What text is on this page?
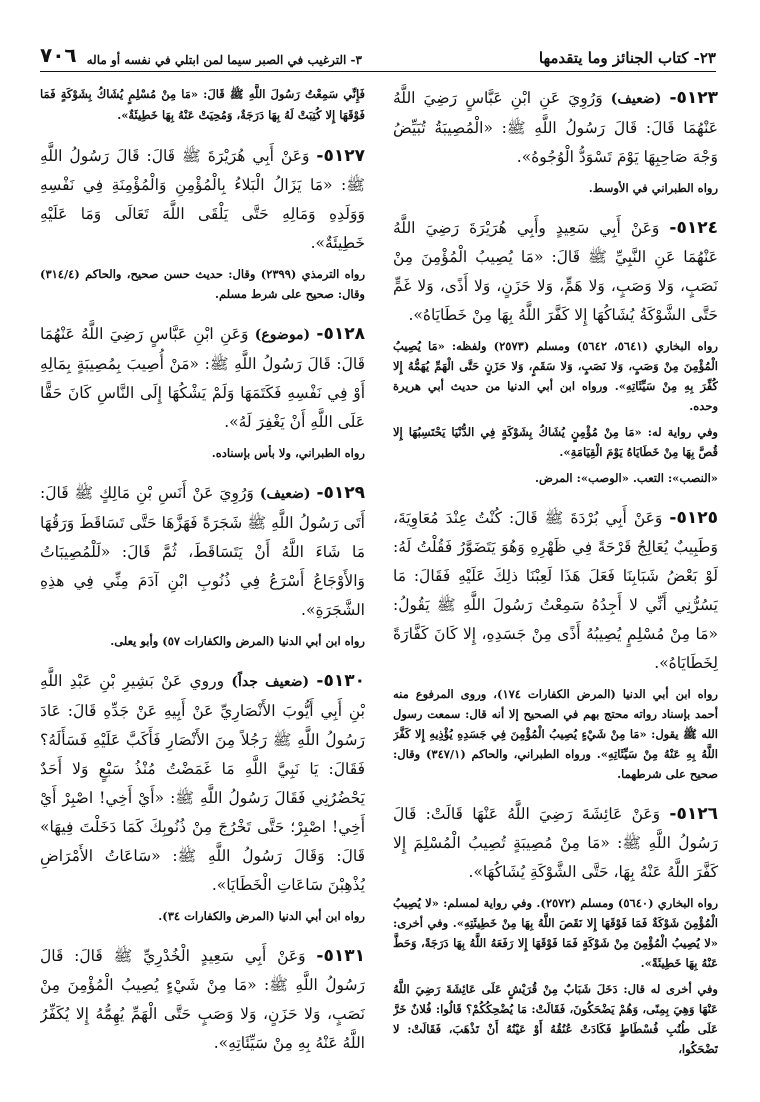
٢٣- كتاب الجنائز وما يتقدمها
٣- الترغيب في الصبر سيما لمن ابتلي في نفسه أو ماله
٧٠٦

٥١٢٣- (ضعيف) وَرُوِيَ عَنِ ابْنِ عَبَّاسٍ رَضِيَ اللَّهُ عَنْهُمَا قَالَ: قَالَ رَسُولُ اللَّهِ ﷺ: «الْمُصِيبَةُ تُبَيِّضُ وَجْهَ صَاحِبِهَا يَوْمَ تَسْوَدُّ الْوُجُوهُ».

رواه الطبراني في الأوسط.

٥١٢٤- وَعَنْ أَبِي سَعِيدٍ وأَبِي هُرَيْرَةَ رَضِيَ اللَّهُ عَنْهُمَا عَنِ النَّبِيِّ ﷺ قَالَ: «مَا يُصِيبُ الْمُؤْمِنَ مِنْ نَصَبٍ، وَلا وَصَبٍ، وَلا هَمٍّ، وَلا حَزَنٍ، وَلا أَذًى، وَلا غَمٍّ حَتَّى الشَّوْكَةُ يُشَاكُهَا إِلا كَفَّرَ اللَّهُ بِهَا مِنْ خَطَايَاهُ».

رواه البخاري (٥٦٤١، ٥٦٤٢) ومسلم (٢٥٧٣) ولفظه: «مَا يُصِيبُ الْمُؤْمِنَ مِنْ وَصَبٍ، وَلا نَصَبٍ، وَلا سَقَمٍ، وَلا حَزَنٍ حَتَّى الْهَمِّ يُهَمُّهُ إِلا كُفِّرَ بِهِ مِنْ سَيِّئَاتِهِ». ورواه ابن أبي الدنيا من حديث أبي هريرة وحده.

وفي رواية له: «مَا مِنْ مُؤْمِنٍ يُشَاكُ بِشَوْكَةٍ فِي الدُّنْيَا يَحْتَسِبُهَا إِلا قُصَّ بِهَا مِنْ خَطَايَاهُ يَوْمَ الْقِيَامَةِ».

«النصب»: التعب. «الوصب»: المرض.

٥١٢٥- وَعَنْ أَبِي بُرْدَةَ ﷺ قَالَ: كُنْتُ عِنْدَ مُعَاوِيَةَ، وَطَبِيبٌ يُعَالِجُ قَرْحَةً فِي ظَهْرِهِ وَهُوَ يَتَضَوَّرُ فَقُلْتُ لَهُ: لَوْ بَعْضُ شَبَابِنَا فَعَلَ هَذَا لَعِبْنَا ذلِكَ عَلَيْهِ فَقَالَ: مَا يَسُرُّنِي أَنِّي لا أَجِدُهُ سَمِعْتُ رَسُولَ اللَّهِ ﷺ يَقُولُ: «مَا مِنْ مُسْلِمٍ يُصِيبُهُ أَذًى مِنْ جَسَدِهِ، إِلا كَانَ كَفَّارَةً لِخَطَايَاهُ».

رواه ابن أبي الدنيا (المرض الكفارات ١٧٤)، وروى المرفوع منه أحمد بإسناد رواته محتج بهم في الصحيح إلا أنه قال: سمعت رسول الله ﷺ يقول: «مَا مِنْ شَيْءٍ يُصِيبُ الْمُؤْمِنَ فِي جَسَدِهِ يُؤْذِيهِ إِلا كَفَّرَ اللَّهُ بِهِ عَنْهُ مِنْ سَيِّئَاتِهِ». ورواه الطبراني، والحاكم (٣٤٧/١) وقال: صحيح على شرطهما.

٥١٢٦- وَعَنْ عَائِشَةَ رَضِيَ اللَّهُ عَنْهَا قَالَتْ: قَالَ رَسُولُ اللَّهِ ﷺ: «مَا مِنْ مُصِيبَةٍ تُصِيبُ الْمُسْلِمَ إِلا كَفَّرَ اللَّهُ عَنْهُ بِهَا، حَتَّى الشَّوْكَةِ يُشَاكُهَا».

رواه البخاري (٥٦٤٠) ومسلم (٢٥٧٢). وفي رواية لمسلم: «لا يُصِيبُ الْمُؤْمِنَ شَوْكَةٌ فَمَا فَوْقَهَا إِلا نَقَصَ اللَّهُ بِهَا مِنْ خَطِيئَتِهِ». وفي أخرى: «لا يُصِيبُ الْمُؤْمِنَ مِنْ شَوْكَةٍ فَمَا فَوْقَهَا إِلا رَفَعَهُ اللَّهُ بِهَا دَرَجَةً، وَحَطَّ عَنْهُ بِهَا خَطِيئَةً».

وفي أخرى له قال: دَخَلَ شَبَابٌ مِنْ قُرَيْشٍ عَلَى عَائِشَةَ رَضِيَ اللَّهُ عَنْهَا وَهِيَ بِمِنًى، وَهُمْ يَضْحَكُونَ، فَقَالَتْ: مَا يُضْحِكُكُمْ؟ قَالُوا: فُلانٌ خَرَّ عَلَى طُنُبِ فُسْطَاطٍ فَكَادَتْ عُنُقُهُ أَوْ عَيْنُهُ أَنْ تَذْهَبَ، فَقَالَتْ: لا تَضْحَكُوا،

فَإِنِّي سَمِعْتُ رَسُولَ اللَّهِ ﷺ قَالَ: «مَا مِنْ مُسْلِمٍ يُشَاكُ بِشَوْكَةٍ فَمَا فَوْقَهَا إِلا كُتِبَتْ لَهُ بِهَا دَرَجَةٌ، وَمُحِيَتْ عَنْهُ بِهَا خَطِيئَةٌ».

٥١٢٧- وَعَنْ أَبِي هُرَيْرَةَ ﷺ قَالَ: قَالَ رَسُولُ اللَّهِ ﷺ: «مَا يَزَالُ الْبَلاءُ بِالْمُؤْمِنِ وَالْمُؤْمِنَةِ فِي نَفْسِهِ وَوَلَدِهِ وَمَالِهِ حَتَّى يَلْقَى اللَّهَ تَعَالَى وَمَا عَلَيْهِ خَطِيئَةٌ».

رواه الترمذي (٢٣٩٩) وقال: حديث حسن صحيح، والحاكم (٣١٤/٤) وقال: صحيح على شرط مسلم.

٥١٢٨- (موضوع) وَعَنِ ابْنِ عَبَّاسٍ رَضِيَ اللَّهُ عَنْهُمَا قَالَ: قَالَ رَسُولُ اللَّهِ ﷺ: «مَنْ أُصِيبَ بِمُصِيبَةٍ بِمَالِهِ أَوْ فِي نَفْسِهِ فَكَتَمَهَا وَلَمْ يَشْكُهَا إِلَى النَّاسِ كَانَ حَقًّا عَلَى اللَّهِ أَنْ يَغْفِرَ لَهُ».

رواه الطبراني، ولا بأس بإسناده.

٥١٢٩- (ضعيف) وَرُوِيَ عَنْ أَنَسِ بْنِ مَالِكٍ ﷺ قَالَ: أَتَى رَسُولُ اللَّهِ ﷺ شَجَرَةً فَهَزَّهَا حَتَّى تَسَاقَطَ وَرَقُهَا مَا شَاءَ اللَّهُ أَنْ يَتَسَاقَطَ، ثُمَّ قَالَ: «لَلْمُصِيبَاتُ وَالأَوْجَاعُ أَسْرَعُ فِي ذُنُوبِ ابْنِ آدَمَ مِنِّي فِي هذِهِ الشَّجَرَةِ».

رواه ابن أبي الدنيا (المرض والكفارات ٥٧) وأبو يعلى.

٥١٣٠- (ضعيف جداً) وروي عَنْ بَشِيرِ بْنِ عَبْدِ اللَّهِ بْنِ أَبِي أَيُّوبَ الأَنْصَارِيِّ عَنْ أَبِيهِ عَنْ جَدِّهِ قَالَ: عَادَ رَسُولُ اللَّهِ ﷺ رَجُلاً مِنَ الأَنْصَارِ فَأَكَبَّ عَلَيْهِ فَسَأَلَهُ؟ فَقَالَ: يَا نَبِيَّ اللَّهِ مَا غَمَضْتُ مُنْذُ سَبْعٍ وَلا أَحَدٌ يَحْضُرُنِي فَقَالَ رَسُولُ اللَّهِ ﷺ: «أَيْ أَخِي! اصْبِرْ أَيْ أَخِي! اصْبِرْ؛ حَتَّى تَخْرُجَ مِنْ ذُنُوبِكَ كَمَا دَخَلْتَ فِيهَا» قَالَ: وَقَالَ رَسُولُ اللَّهِ ﷺ: «سَاعَاتُ الأَمْرَاضِ يُذْهِبْنَ سَاعَاتِ الْخَطَايَا».

رواه ابن أبي الدنيا (المرض والكفارات ٣٤).

٥١٣١- وَعَنْ أَبِي سَعِيدٍ الْخُدْرِيِّ ﷺ قَالَ: قَالَ رَسُولُ اللَّهِ ﷺ: «مَا مِنْ شَيْءٍ يُصِيبُ الْمُؤْمِنَ مِنْ نَصَبٍ، وَلا حَزَنٍ، وَلا وَصَبٍ حَتَّى الْهَمِّ يُهِمُّهُ إِلا يُكَفِّرُ اللَّهُ عَنْهُ بِهِ مِنْ سَيِّئَاتِهِ».
